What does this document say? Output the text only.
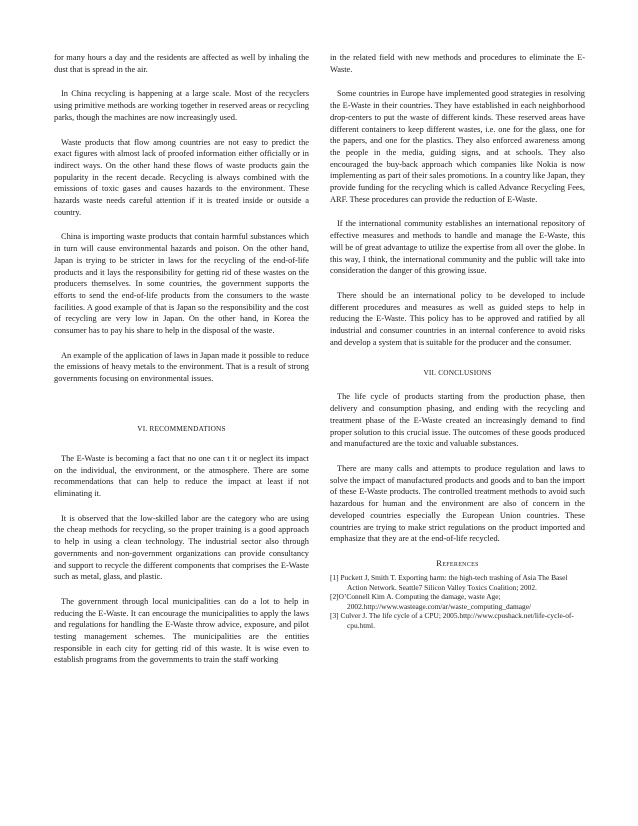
for many hours a day and the residents are affected as well by inhaling the dust that is spread in the air.

In China recycling is happening at a large scale. Most of the recyclers using primitive methods are working together in reserved areas or recycling parks, though the machines are now increasingly used.

Waste products that flow among countries are not easy to predict the exact figures with almost lack of proofed information either officially or in indirect ways. On the other hand these flows of waste products gain the popularity in the recent decade. Recycling is always combined with the emissions of toxic gases and causes hazards to the environment. These hazards waste needs careful attention if it is treated inside or outside a country.

China is importing waste products that contain harmful substances which in turn will cause environmental hazards and poison. On the other hand, Japan is trying to be stricter in laws for the recycling of the end-of-life products and it lays the responsibility for getting rid of these wastes on the producers themselves. In some countries, the government supports the efforts to send the end-of-life products from the consumers to the waste facilities. A good example of that is Japan so the responsibility and the cost of recycling are very low in Japan. On the other hand, in Korea the consumer has to pay his share to help in the disposal of the waste.

An example of the application of laws in Japan made it possible to reduce the emissions of heavy metals to the environment. That is a result of strong governments focusing on environmental issues.

VI. RECOMMENDATIONS

The E-Waste is becoming a fact that no one can t it or neglect its impact on the individual, the environment, or the atmosphere. There are some recommendations that can help to reduce the impact at least if not eliminating it.

It is observed that the low-skilled labor are the category who are using the cheap methods for recycling, so the proper training is a good approach to help in using a clean technology. The industrial sector also through governments and non-government organizations can provide consultancy and support to recycle the different components that comprises the E-Waste such as metal, glass, and plastic.

The government through local municipalities can do a lot to help in reducing the E-Waste. It can encourage the municipalities to apply the laws and regulations for handling the E-Waste throw advice, exposure, and pilot testing management schemes. The municipalities are the entities responsible in each city for getting rid of this waste. It is wise even to establish programs from the governments to train the staff working

in the related field with new methods and procedures to eliminate the E-Waste.

Some countries in Europe have implemented good strategies in resolving the E-Waste in their countries. They have established in each neighborhood drop-centers to put the waste of different kinds. These reserved areas have different containers to keep different wastes, i.e. one for the glass, one for the papers, and one for the plastics. They also enforced awareness among the people in the media, guiding signs, and at schools. They also encouraged the buy-back approach which companies like Nokia is now implementing as part of their sales promotions. In a country like Japan, they provide funding for the recycling which is called Advance Recycling Fees, ARF. These procedures can provide the reduction of E-Waste.

If the international community establishes an international repository of effective measures and methods to handle and manage the E-Waste, this will be of great advantage to utilize the expertise from all over the globe. In this way, I think, the international community and the public will take into consideration the danger of this growing issue.

There should be an international policy to be developed to include different procedures and measures as well as guided steps to help in reducing the E-Waste. This policy has to be approved and ratified by all industrial and consumer countries in an internal conference to avoid risks and develop a system that is suitable for the producer and the consumer.

VII. CONCLUSIONS

The life cycle of products starting from the production phase, then delivery and consumption phasing, and ending with the recycling and treatment phase of the E-Waste created an increasingly demand to find proper solution to this crucial issue. The outcomes of these goods produced and manufactured are the toxic and valuable substances.

There are many calls and attempts to produce regulation and laws to solve the impact of manufactured products and goods and to ban the import of these E-Waste products. The controlled treatment methods to avoid such hazardous for human and the environment are also of concern in the developed countries especially the European Union countries. These countries are trying to make strict regulations on the product imported and emphasize that they are at the end-of-life recycled.

References

[1] Puckett J, Smith T. Exporting harm: the high-tech trashing of Asia The Basel Action Network. Seattle7 Silicon Valley Toxics Coalition; 2002.

[2]O’Connell Kim A. Computing the damage, waste Age; 2002.http://www.wasteage.com/ar/waste_computing_damage/

[3] Culver J. The life cycle of a CPU; 2005.http://www.cpushack.net/life-cycle-of-cpu.html.
